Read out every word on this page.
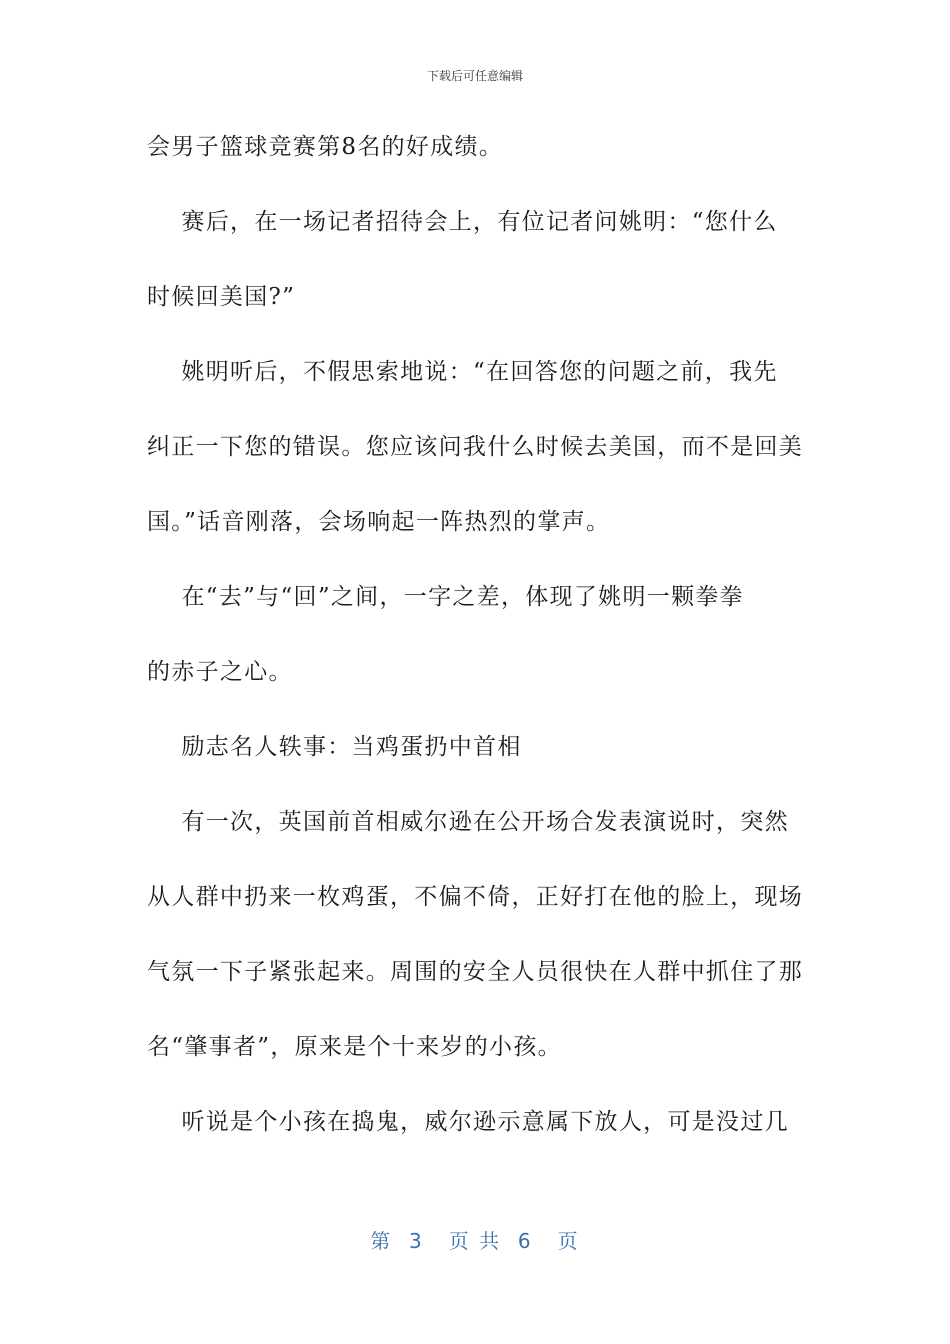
下载后可任意编辑
会男子篮球竞赛第8名的好成绩。
赛后，在一场记者招待会上，有位记者问姚明：“您什么
时候回美国?”
姚明听后，不假思索地说：“在回答您的问题之前，我先
纠正一下您的错误。您应该问我什么时候去美国，而不是回美
国。”话音刚落，会场响起一阵热烈的掌声。
在“去”与“回”之间，一字之差，体现了姚明一颗拳拳
的赤子之心。
励志名人轶事：当鸡蛋扔中首相
有一次，英国前首相威尔逊在公开场合发表演说时，突然
从人群中扔来一枚鸡蛋，不偏不倚，正好打在他的脸上，现场
气氛一下子紧张起来。周围的安全人员很快在人群中抓住了那
名“肇事者”，原来是个十来岁的小孩。
听说是个小孩在捣鬼，威尔逊示意属下放人，可是没过几
第  3   页 共  6   页
